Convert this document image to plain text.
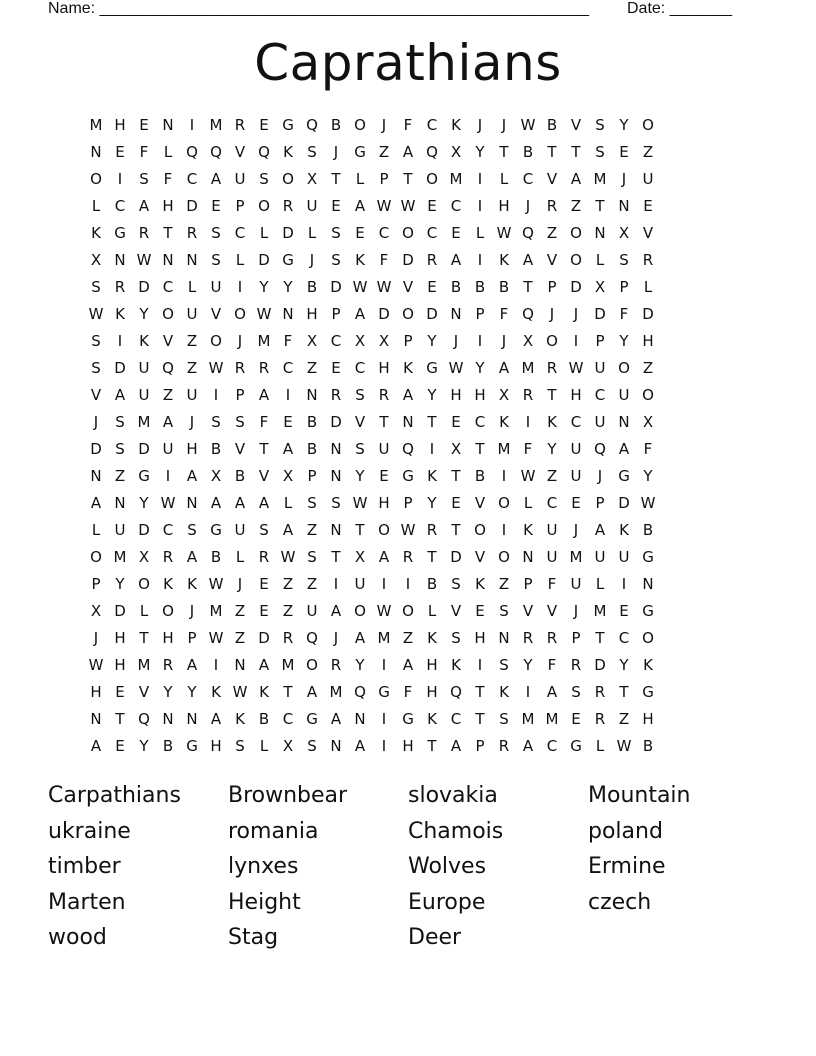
Name: _______________________________________________________ Date: _______
Caprathians
M H E N	I	M R E G Q B O	J	F C K	J	J W B V S Y O
N E F	L Q Q V Q K S	J	G Z A Q X Y T B T T S E Z
O	I	S F C A U S O X T	L	P T O M	I	L C V A M	J	U
L C A H D E P O R U E A W W E C	I	H	J	R Z T N E
K G R T R S C L D L	S E C O C E	L W Q Z O N X V
X N W N N S	L D G	J	S K F D R A	I	K A V O L	S R
S R D C L U	I	Y Y B D W W V E B B B T P D X P	L
W K Y O U V O W N H P A D O D N P	F Q	J	J	D F D
S	I	K V Z O	J	M F X C X X P Y	J	I	J	X O	I	P Y H
S D U Q Z W R R C Z E C H K G W Y A M R W U O Z
V A U Z U	I	P A	I	N R S R A Y H H X R T H C U O
J	S M A	J	S S F E B D V T N T E C K	I	K C U N X
D S D U H B V T A B N S U Q	I	X T M F	Y U Q A F
N Z G	I	A X B V X P N Y E G K T B	I W Z U	J	G Y
A N Y W N A A A L	S S W H P Y E V O L C E P D W
L U D C S G U S A Z N T O W R T O	I	K U	J	A K B
O M X R A B L R W S T X A R T D V O N U M U U G
P Y O K K W J	E Z Z	I	U	I	I	B S K Z P	F U L	I	N
X D L O	J	M Z E Z U A O W O L V E S V V	J	M E G
J	H T H P W Z D R Q	J	A M Z K S H N R R P T C O
W H M R A	I	N A M O R Y	I	A H K	I	S Y	F R D Y K
H E V Y Y K W K T A M Q G F H Q T K	I	A S R T G
N T Q N N A K B C G A N	I	G K C T S M M E R Z H
A E Y B G H S	L X S N A	I	H T A P R A C G L W B
Carpathians
ukraine
timber
Marten
wood
Brownbear
romania
lynxes
Height
Stag
slovakia
Chamois
Wolves
Europe
Deer
Mountain
poland
Ermine
czech
